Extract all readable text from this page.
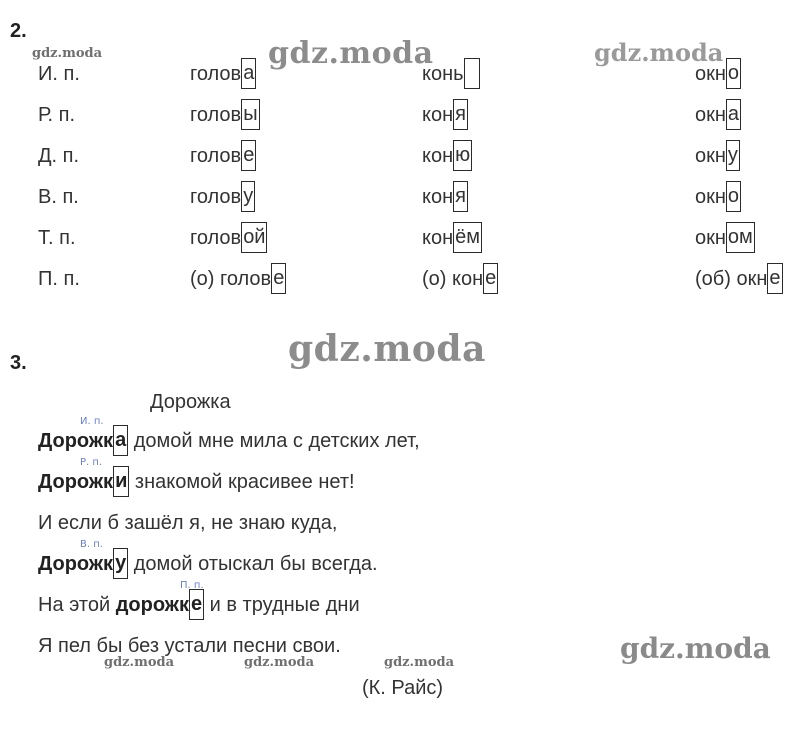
2.
gdz.moda	gdz.moda	gdz.moda
И. п.	голов а	конь	окн о
Р. п.	голов ы	кон я	окн а
Д. п.	голов е	кон ю	окн у
В. п.	голов у	кон я	окн о
Т. п.	голов ой	кон ём	окн ом
П. п.	(о) голов е	(о) кон е	(об) окн е
3.	gdz.moda
Дорожка
Дорожк а домой мне мила с детских лет,
И. п.
Дорожк и знакомой красивее нет!
Р. п.
И если б зашёл я, не знаю куда,
Дорожк у домой отыскал бы всегда.
В. п.
На этой дорожк е и в трудные дни
П. п.
Я пел бы без устали песни свои.
(К. Райс)
gdz.moda
gdz.moda	gdz.moda	gdz.moda
